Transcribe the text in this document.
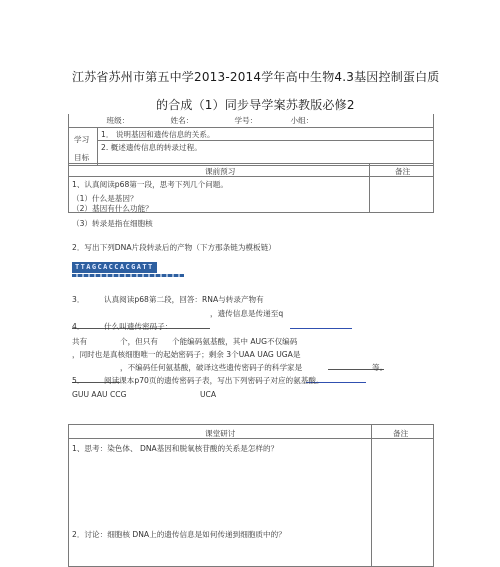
江苏省苏州市第五中学2013-2014学年高中生物4.3基因控制蛋白质
的合成（1）同步导学案苏教版必修2
班级：	姓名：	学号：	小组：

学习
目标

1． 说明基因和遗传信息的关系。
2. 概述遗传信息的转录过程。
课前预习	备注

1、认真阅读p68第一段，思考下列几个问题。
（1）什么是基因？	

（2）基因有什么功能？
（3）转录是指在细胞核
2．写出下列DNA片段转录后的产物（下方那条链为模板链）
TTAGCACCACGATT
3．	认真阅读p68第二段，回答：RNA与转录产物有
，遗传信息是传递至q
4．	什么叫遗传密码子：
共有	个，但只有 个能编码氨基酸，其中 AUG不仅编码
，同时也是真核细胞唯一的起始密码子；剩余 3个UAA UAG UGA是
，不编码任何氨基酸，破译这些遗传密码子的科学家是	等。
5．	阅读课本p70页的遗传密码子表，写出下列密码子对应的氨基酸。
GUU AAU CCG	UCA
课堂研讨	备注

1、思考：染色体、 DNA基因和脱氧核苷酸的关系是怎样的？
2．讨论：细胞核 DNA上的遗传信息是如何传递到细胞质中的？	
